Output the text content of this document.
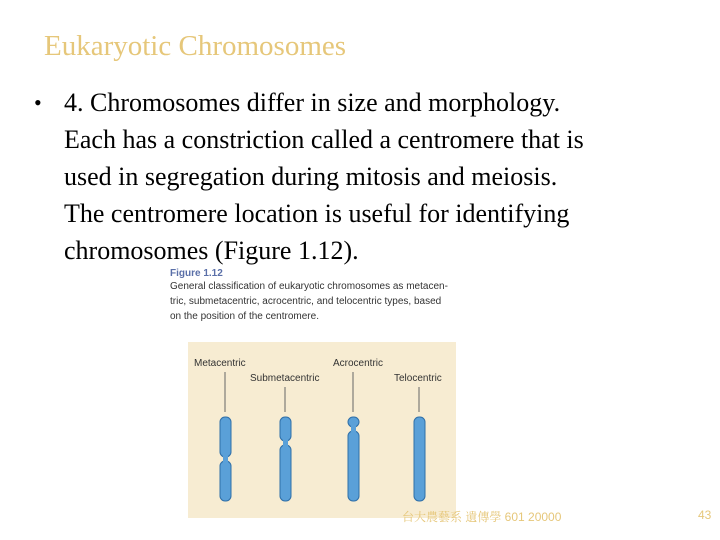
Eukaryotic Chromosomes
• 4. Chromosomes differ in size and morphology.
Each has a constriction called a centromere that is
used in segregation during mitosis and meiosis.
The centromere location is useful for identifying
chromosomes (Figure 1.12).
Figure 1.12
General classification of eukaryotic chromosomes as metacen-
tric, submetacentric, acrocentric, and telocentric types, based
on the position of the centromere.
Metacentric
Submetacentric
Acrocentric
Telocentric
台大農藝系 遺傳學 601 20000	43
